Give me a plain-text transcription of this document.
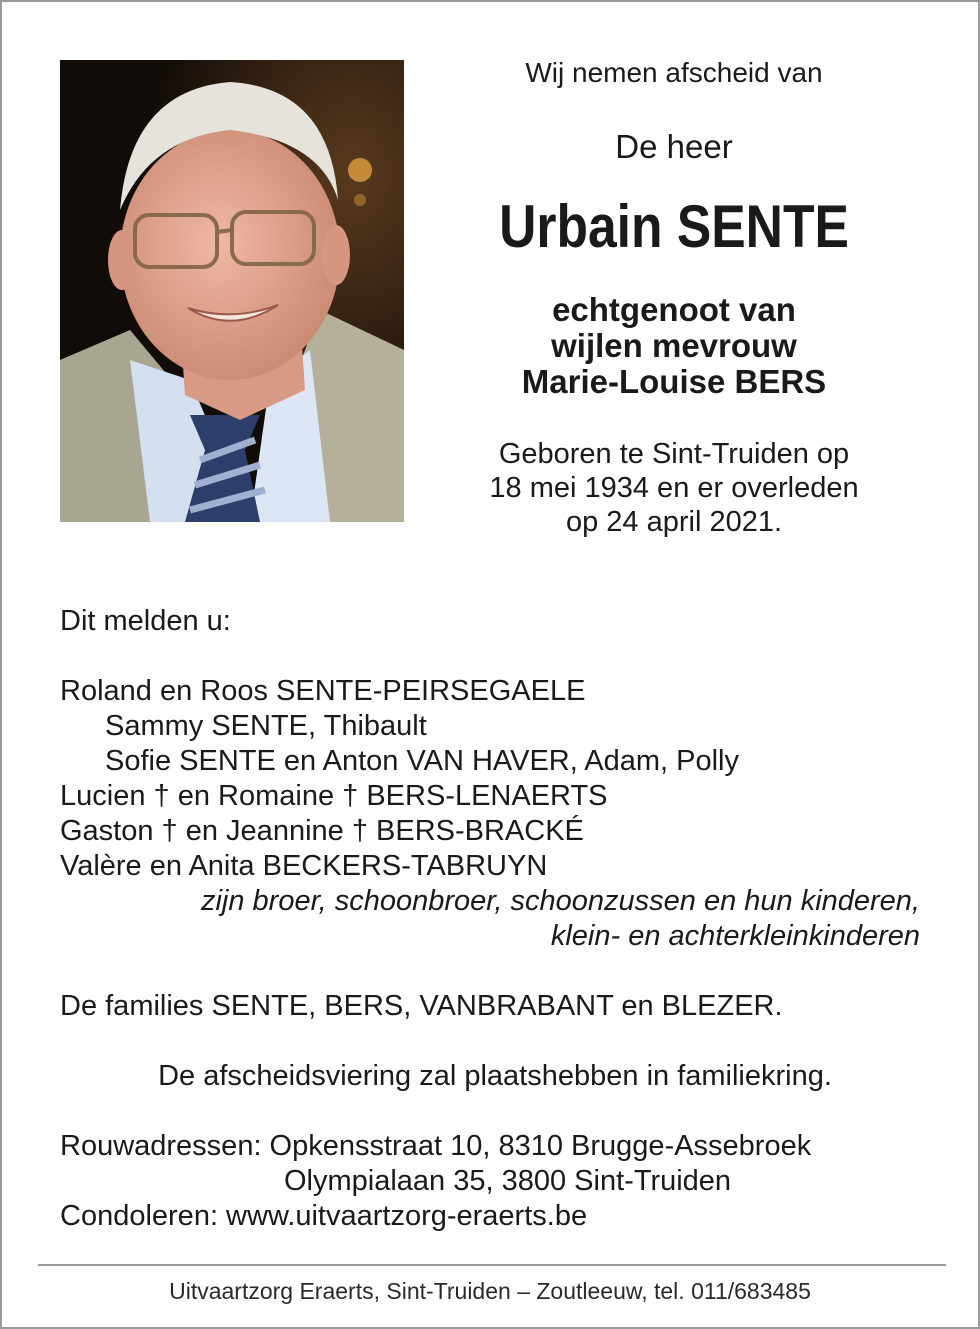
Wij nemen afscheid van

De heer
Urbain SENTE
echtgenoot van
wijlen mevrouw
Marie-Louise BERS
Geboren te Sint-Truiden op
18 mei 1934 en er overleden
op 24 april 2021.
Dit melden u:
Roland en Roos SENTE-PEIRSEGAELE
Sammy SENTE, Thibault
Sofie SENTE en Anton VAN HAVER, Adam, Polly
Lucien † en Romaine † BERS-LENAERTS
Gaston † en Jeannine † BERS-BRACKÉ
Valère en Anita BECKERS-TABRUYN
zijn broer, schoonbroer, schoonzussen en hun kinderen,
klein- en achterkleinkinderen
De families SENTE, BERS, VANBRABANT en BLEZER.
De afscheidsviering zal plaatshebben in familiekring.
Rouwadressen: Opkensstraat 10, 8310 Brugge-Assebroek
Olympialaan 35, 3800 Sint-Truiden
Condoleren: www.uitvaartzorg-eraerts.be
Uitvaartzorg Eraerts, Sint-Truiden – Zoutleeuw, tel. 011/683485
